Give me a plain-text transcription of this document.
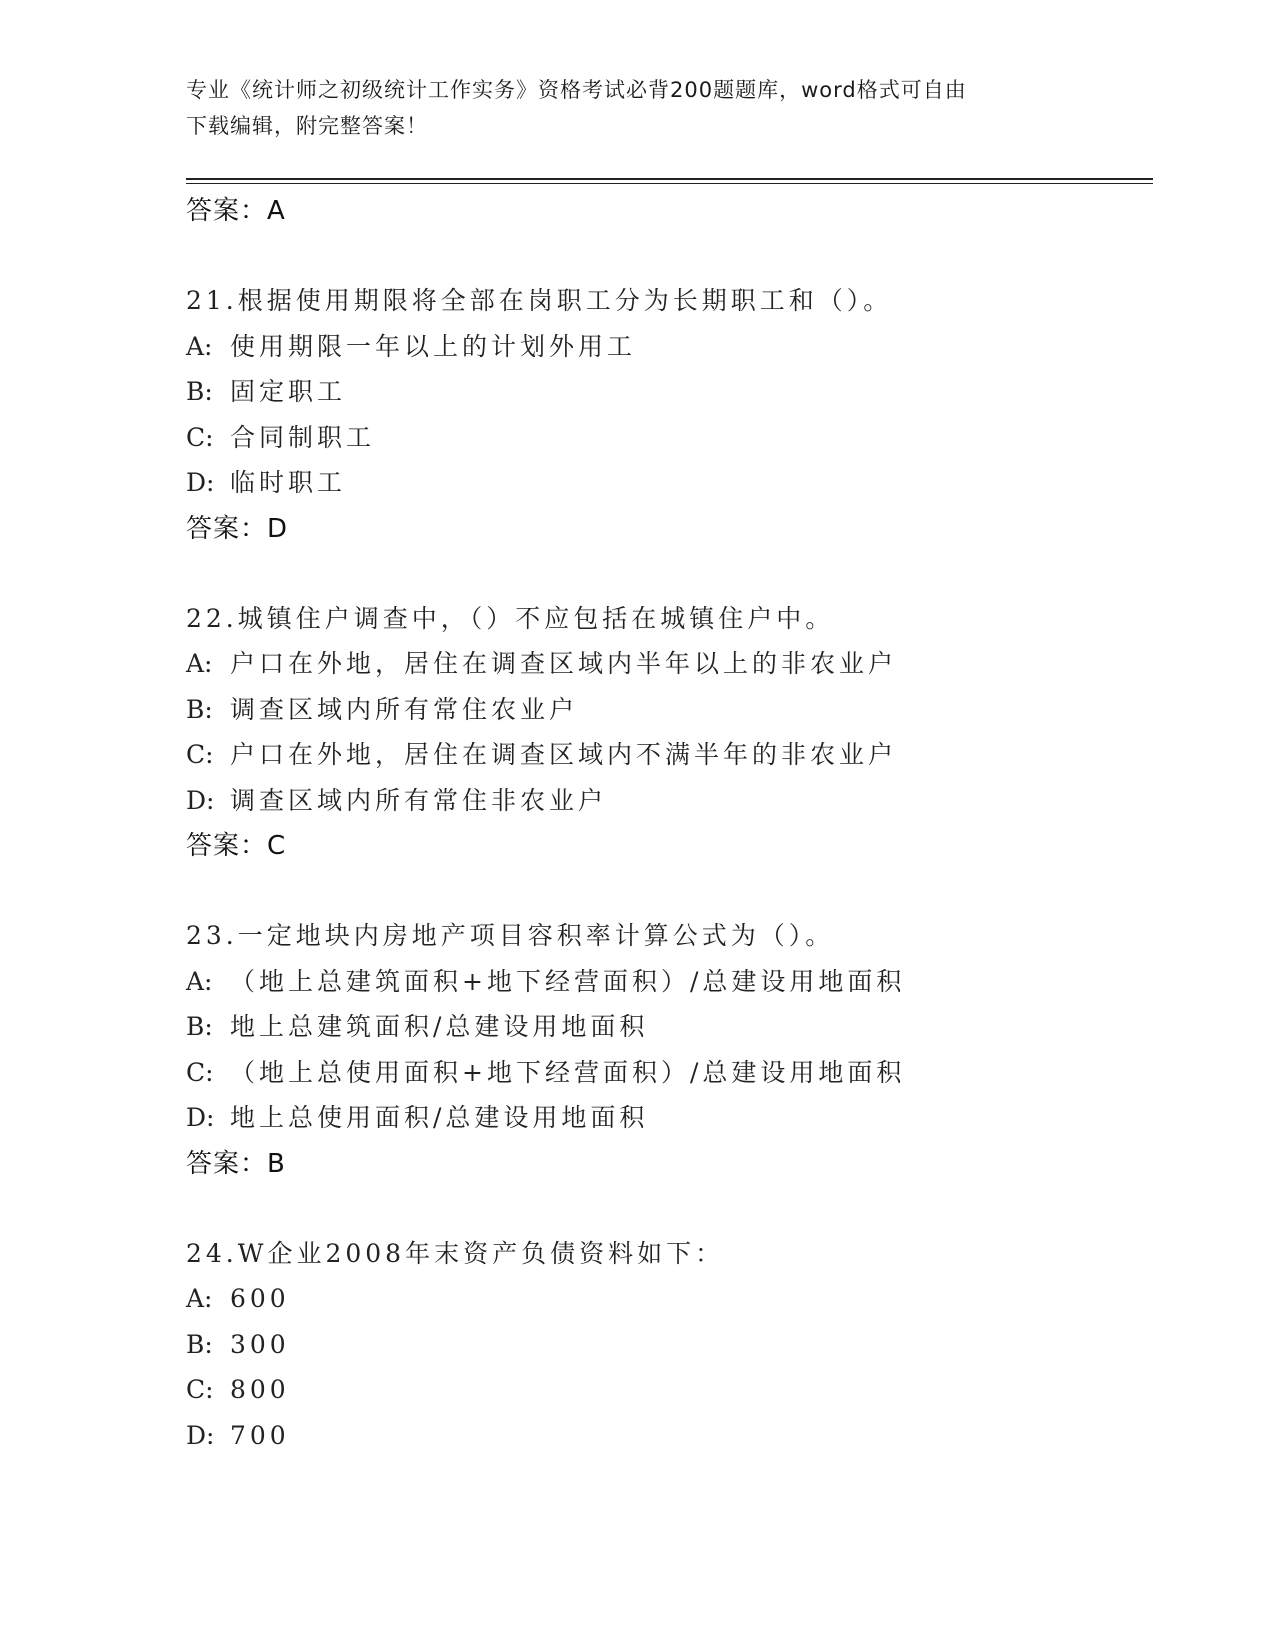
专业《统计师之初级统计工作实务》资格考试必背200题题库，word格式可自由
下载编辑，附完整答案！
答案：A
21.根据使用期限将全部在岗职工分为长期职工和（）。
A: 使用期限一年以上的计划外用工
B: 固定职工
C: 合同制职工
D: 临时职工
答案：D
22.城镇住户调查中，（）不应包括在城镇住户中。
A: 户口在外地，居住在调查区域内半年以上的非农业户
B: 调查区域内所有常住农业户
C: 户口在外地，居住在调查区域内不满半年的非农业户
D: 调查区域内所有常住非农业户
答案：C
23.一定地块内房地产项目容积率计算公式为（）。
A: （地上总建筑面积+地下经营面积）/总建设用地面积
B: 地上总建筑面积/总建设用地面积
C: （地上总使用面积+地下经营面积）/总建设用地面积
D: 地上总使用面积/总建设用地面积
答案：B
24.W企业2008年末资产负债资料如下：
A: 600
B: 300
C: 800
D: 700
